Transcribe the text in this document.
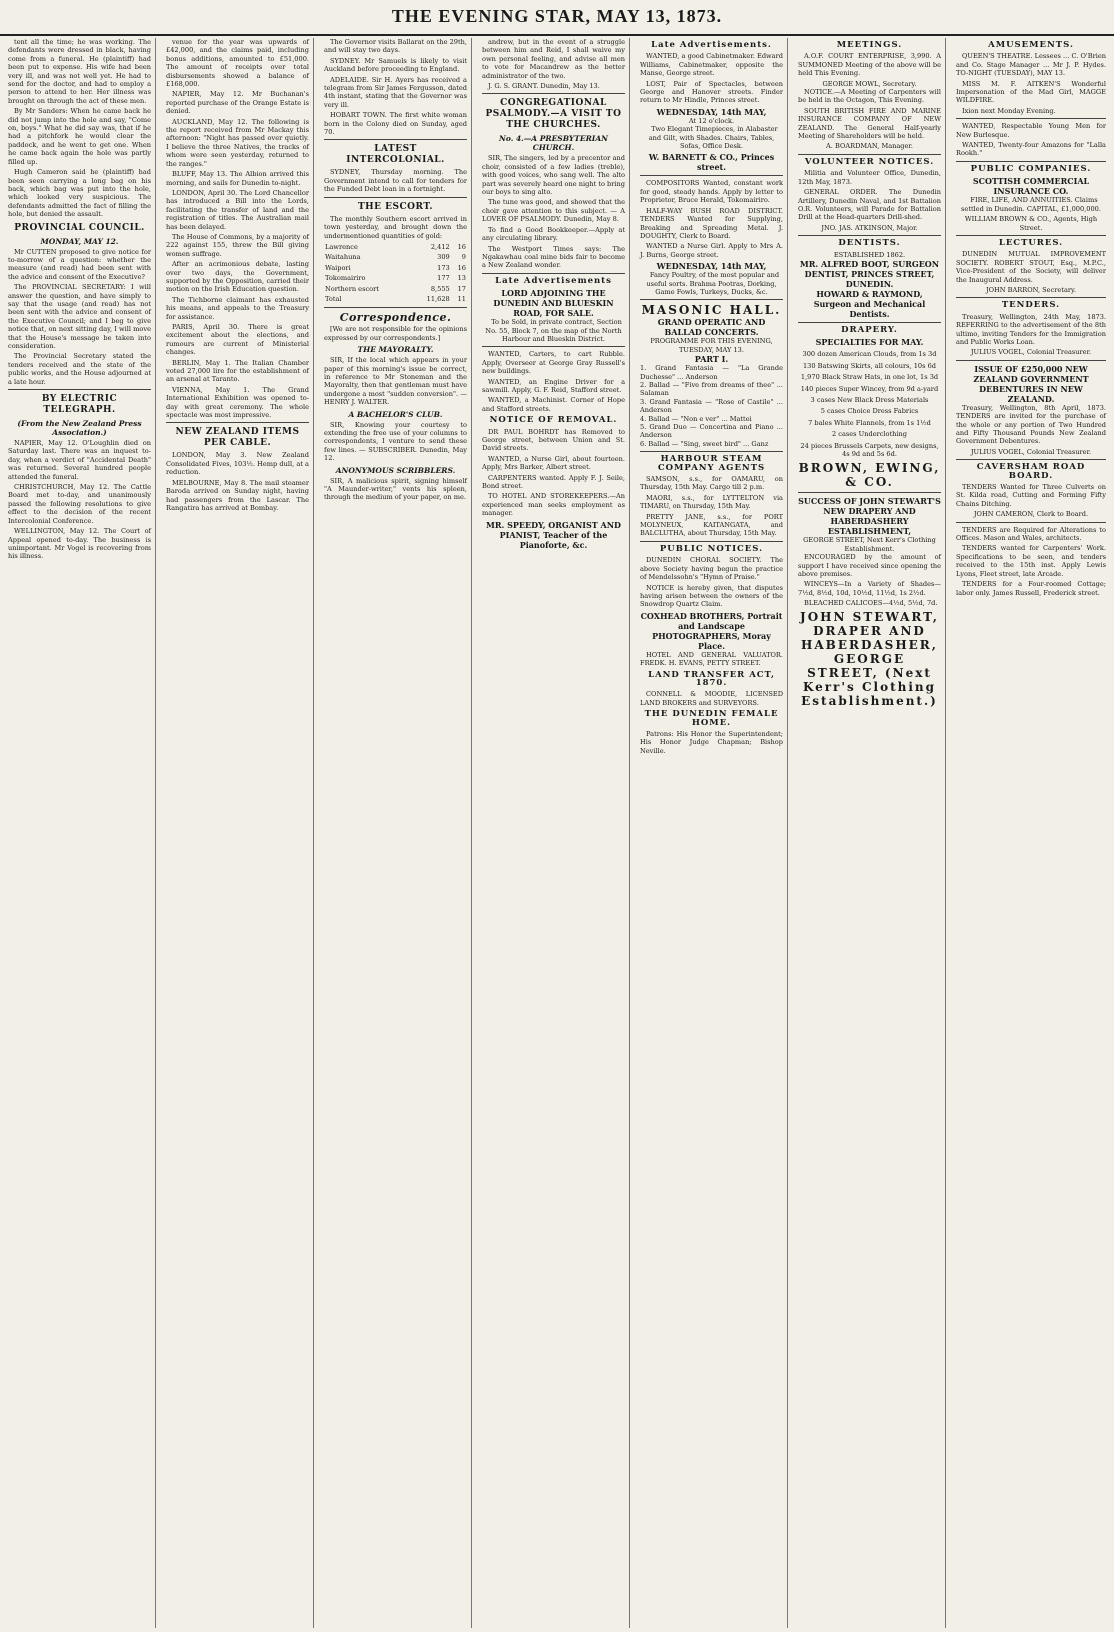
THE EVENING STAR, MAY 13, 1873.

tent all the time; he was working. The defendants were dressed in black, having come from a funeral. He (plaintiff) had been put to expense. His wife had been very ill, and was not well yet. He had to send for the doctor, and had to employ a person to attend to her. Her illness was brought on through the act of these men.

By Mr Sanders: When he came back he did not jump into the hole and say, "Come on, boys." What he did say was, that if he had a pitchfork he would clear the paddock, and he went to get one. When he came back again the hole was partly filled up.

Hugh Cameron said he (plaintiff) had been seen carrying a long bag on his back, which bag was put into the hole, which looked very suspicious. The defendants admitted the fact of filling the hole, but denied the assault.

PROVINCIAL COUNCIL.
MONDAY, MAY 12.

Mr CUTTEN proposed to give notice for to-morrow of a question: whether the measure (and read) had been sent with the advice and consent of the Executive?

The PROVINCIAL SECRETARY: I will answer the question, and have simply to say that the usage (and read) has not been sent with the advice and consent of the Executive Council; and I beg to give notice that, on next sitting day, I will move that the House's message be taken into consideration.

The Provincial Secretary stated the tenders received and the state of the public works, and the House adjourned at a late hour.

BY ELECTRIC TELEGRAPH.
(From the New Zealand Press Association.)

NAPIER, May 12. O'Loughlin died on Saturday last. There was an inquest to-day, when a verdict of "Accidental Death" was returned. Several hundred people attended the funeral.

CHRISTCHURCH, May 12. The Cattle Board met to-day, and unanimously passed the following resolutions to give effect to the decision of the recent Intercolonial Conference.

WELLINGTON, May 12. The Court of Appeal opened to-day. The business is unimportant. Mr Vogel is recovering from his illness.

venue for the year was upwards of £42,000, and the claims paid, including bonus additions, amounted to £51,000. The amount of receipts over total disbursements showed a balance of £168,000.

NAPIER, May 12. Mr Buchanan's reported purchase of the Orange Estate is denied.

AUCKLAND, May 12. The following is the report received from Mr Mackay this afternoon: "Night has passed over quietly. I believe the three Natives, the tracks of whom were seen yesterday, returned to the ranges."

BLUFF, May 13. The Albion arrived this morning, and sails for Dunedin to-night.

LONDON, April 30. The Lord Chancellor has introduced a Bill into the Lords, facilitating the transfer of land and the registration of titles. The Australian mail has been delayed.

The House of Commons, by a majority of 222 against 155, threw the Bill giving women suffrage.

After an acrimonious debate, lasting over two days, the Government, supported by the Opposition, carried their motion on the Irish Education question.

The Tichborne claimant has exhausted his means, and appeals to the Treasury for assistance.

PARIS, April 30. There is great excitement about the elections, and rumours are current of Ministerial changes.

BERLIN, May 1. The Italian Chamber voted 27,000 lire for the establishment of an arsenal at Taranto.

VIENNA, May 1. The Grand International Exhibition was opened to-day with great ceremony. The whole spectacle was most impressive.

NEW ZEALAND ITEMS PER CABLE.

LONDON, May 3. New Zealand Consolidated Fives, 103½. Hemp dull, at a reduction.

MELBOURNE, May 8. The mail steamer Baroda arrived on Sunday night, having had passengers from the Lascar. The Rangatira has arrived at Bombay.

The Governor visits Ballarat on the 29th, and will stay two days.

SYDNEY. Mr Samuels is likely to visit Auckland before proceeding to England.

ADELAIDE. Sir H. Ayers has received a telegram from Sir James Fergusson, dated 4th instant, stating that the Governor was very ill.

HOBART TOWN. The first white woman born in the Colony died on Sunday, aged 70.

LATEST INTERCOLONIAL.

SYDNEY, Thursday morning. The Government intend to call for tenders for the Funded Debt loan in a fortnight.

THE ESCORT.

The monthly Southern escort arrived in town yesterday, and brought down the undermentioned quantities of gold:

Lawrence	2,412	16
Waitahuna	309	9
Waipori	173	16
Tokomairiro	177	13
Northern escort	8,555	17
Total	11,628	11
Correspondence.

[We are not responsible for the opinions expressed by our correspondents.]

THE MAYORALTY.

SIR, If the local which appears in your paper of this morning's issue be correct, in reference to Mr Stoneman and the Mayoralty, then that gentleman must have undergone a most "sudden conversion". — HENRY J. WALTER.

A BACHELOR'S CLUB.

SIR, Knowing your courtesy to extending the free use of your columns to correspondents, I venture to send these few lines. — SUBSCRIBER. Dunedin, May 12.

ANONYMOUS SCRIBBLERS.

SIR, A malicious spirit, signing himself "A Maunder-writer," vents his spleen, through the medium of your paper, on me.

andrew, but in the event of a struggle between him and Reid, I shall waive my own personal feeling, and advise all men to vote for Macandrew as the better administrator of the two.

J. G. S. GRANT. Dunedin, May 13.

CONGREGATIONAL PSALMODY.—A VISIT TO THE CHURCHES.
No. 4.—A PRESBYTERIAN CHURCH.

SIR, The singers, led by a precentor and choir, consisted of a few ladies (treble), with good voices, who sang well. The alto part was severely heard one night to bring our boys to sing alto.

The tune was good, and showed that the choir gave attention to this subject. — A LOVER OF PSALMODY. Dunedin, May 8.

To find a Good Bookkeeper.—Apply at any circulating library.

The Westport Times says: The Ngakawhau coal mine bids fair to become a New Zealand wonder.

Late Advertisements
LORD ADJOINING THE DUNEDIN AND BLUESKIN ROAD, FOR SALE.

To be Sold, in private contract, Section No. 55, Block 7, on the map of the North Harbour and Blueskin District.

WANTED, Carters, to cart Rubble. Apply, Overseer at George Gray Russell's new buildings.

WANTED, an Engine Driver for a sawmill. Apply, G. F. Reid, Stafford street.

WANTED, a Machinist. Corner of Hope and Stafford streets.

NOTICE OF REMOVAL.

DR PAUL BOHRDT has Removed to George street, between Union and St. David streets.

WANTED, a Nurse Girl, about fourteen. Apply, Mrs Barker, Albert street.

CARPENTERS wanted. Apply F. J. Seile, Bond street.

TO HOTEL AND STOREKEEPERS.—An experienced man seeks employment as manager.

MR. SPEEDY, ORGANIST AND PIANIST, Teacher of the Pianoforte, &c.
Late Advertisements.

WANTED, a good Cabinetmaker. Edward Williams, Cabinetmaker, opposite the Manse, George street.

LOST, Pair of Spectacles, between George and Hanover streets. Finder return to Mr Hindle, Princes street.

WEDNESDAY, 14th MAY,
At 12 o'clock.

Two Elegant Timepieces, in Alabaster and Gilt, with Shades. Chairs, Tables, Sofas, Office Desk.

W. BARNETT & CO., Princes street.

COMPOSITORS Wanted, constant work for good, steady hands. Apply by letter to Proprietor, Bruce Herald, Tokomairiro.

HALF-WAY BUSH ROAD DISTRICT. TENDERS Wanted for Supplying, Breaking and Spreading Metal. J. DOUGHTY, Clerk to Board.

WANTED a Nurse Girl. Apply to Mrs A. J. Burns, George street.

WEDNESDAY, 14th MAY,

Fancy Poultry, of the most popular and useful sorts. Brahma Pootras, Dorking, Game Fowls, Turkeys, Ducks, &c.

MASONIC HALL.
GRAND OPERATIC AND BALLAD CONCERTS.
PROGRAMME FOR THIS EVENING, TUESDAY, MAY 13.
PART I.
1. Grand Fantasia — "La Grande Duchesse" ... Anderson
2. Ballad — "Five from dreams of thee" ... Salaman
3. Grand Fantasia — "Rose of Castile" ... Anderson
4. Ballad — "Non e ver" ... Mattei
5. Grand Duo — Concertina and Piano ... Anderson
6. Ballad — "Sing, sweet bird" ... Ganz
HARBOUR STEAM COMPANY AGENTS

SAMSON, s.s., for OAMARU, on Thursday, 15th May. Cargo till 2 p.m.

MAORI, s.s., for LYTTELTON via TIMARU, on Thursday, 15th May.

PRETTY JANE, s.s., for PORT MOLYNEUX, KAITANGATA, and BALCLUTHA, about Thursday, 15th May.

PUBLIC NOTICES.

DUNEDIN CHORAL SOCIETY. The above Society having begun the practice of Mendelssohn's "Hymn of Praise."

NOTICE is hereby given, that disputes having arisen between the owners of the Snowdrop Quartz Claim.

COXHEAD BROTHERS, Portrait and Landscape PHOTOGRAPHERS, Moray Place.

HOTEL AND GENERAL VALUATOR. FREDK. H. EVANS, PETTY STREET.

LAND TRANSFER ACT, 1870.

CONNELL & MOODIE, LICENSED LAND BROKERS and SURVEYORS.

THE DUNEDIN FEMALE HOME.

Patrons: His Honor the Superintendent; His Honor Judge Chapman; Bishop Neville.

MEETINGS.

A.O.F. COURT ENTERPRISE, 3,990. A SUMMONED Meeting of the above will be held This Evening.

GEORGE MOWL, Secretary.

NOTICE.—A Meeting of Carpenters will be held in the Octagon, This Evening.

SOUTH BRITISH FIRE AND MARINE INSURANCE COMPANY OF NEW ZEALAND. The General Half-yearly Meeting of Shareholders will be held.

A. BOARDMAN, Manager.
VOLUNTEER NOTICES.

Militia and Volunteer Office, Dunedin, 12th May, 1873.

GENERAL ORDER. The Dunedin Artillery, Dunedin Naval, and 1st Battalion O.R. Volunteers, will Parade for Battalion Drill at the Head-quarters Drill-shed.

JNO. JAS. ATKINSON, Major.
DENTISTS.
ESTABLISHED 1862.
MR. ALFRED BOOT, SURGEON DENTIST, PRINCES STREET, DUNEDIN.
HOWARD & RAYMOND, Surgeon and Mechanical Dentists.
DRAPERY.
SPECIALTIES FOR MAY.
300 dozen American Clouds, from 1s 3d
130 Batswing Skirts, all colours, 10s 6d
1,970 Black Straw Hats, in one lot, 1s 3d
140 pieces Super Wincey, from 9d a-yard
3 cases New Black Dress Materials
5 cases Choice Dress Fabrics
7 bales White Flannels, from 1s 1½d
2 cases Underclothing
24 pieces Brussels Carpets, new designs, 4s 9d and 5s 6d.
BROWN, EWING, & CO.
SUCCESS OF JOHN STEWART'S NEW DRAPERY AND HABERDASHERY ESTABLISHMENT,
GEORGE STREET, Next Kerr's Clothing Establishment.

ENCOURAGED by the amount of support I have received since opening the above premises.

WINCEYS—In a Variety of Shades—7½d, 8½d, 10d, 10½d, 11½d, 1s 2½d.

BLEACHED CALICOES—4½d, 5½d, 7d.

JOHN STEWART, DRAPER AND HABERDASHER, GEORGE STREET, (Next Kerr's Clothing Establishment.)
AMUSEMENTS.

QUEEN'S THEATRE. Lessees ... C. O'Brien and Co. Stage Manager ... Mr J. P. Hydes. TO-NIGHT (TUESDAY), MAY 13.

MISS M. F. AITKEN'S Wonderful Impersonation of the Mad Girl, MAGGE WILDFIRE.

Ixion next Monday Evening.

WANTED, Respectable Young Men for New Burlesque.

WANTED, Twenty-four Amazons for "Lalla Rookh."

PUBLIC COMPANIES.
SCOTTISH COMMERCIAL INSURANCE CO.

FIRE, LIFE, AND ANNUITIES. Claims settled in Dunedin. CAPITAL, £1,000,000.

WILLIAM BROWN & CO., Agents, High Street.
LECTURES.

DUNEDIN MUTUAL IMPROVEMENT SOCIETY. ROBERT STOUT, Esq., M.P.C., Vice-President of the Society, will deliver the Inaugural Address.

JOHN BARRON, Secretary.
TENDERS.

Treasury, Wellington, 24th May, 1873. REFERRING to the advertisement of the 8th ultimo, inviting Tenders for the Immigration and Public Works Loan.

JULIUS VOGEL, Colonial Treasurer.
ISSUE OF £250,000 NEW ZEALAND GOVERNMENT DEBENTURES IN NEW ZEALAND.

Treasury, Wellington, 8th April, 1873. TENDERS are invited for the purchase of the whole or any portion of Two Hundred and Fifty Thousand Pounds New Zealand Government Debentures.

JULIUS VOGEL, Colonial Treasurer.
CAVERSHAM ROAD BOARD.

TENDERS Wanted for Three Culverts on St. Kilda road, Cutting and Forming Fifty Chains Ditching.

JOHN CAMERON, Clerk to Board.

TENDERS are Required for Alterations to Offices. Mason and Wales, architects.

TENDERS wanted for Carpenters' Work. Specifications to be seen, and tenders received to the 15th inst. Apply Lewis Lyons, Fleet street, late Arcade.

TENDERS for a Four-roomed Cottage; labor only. James Russell, Frederick street.
